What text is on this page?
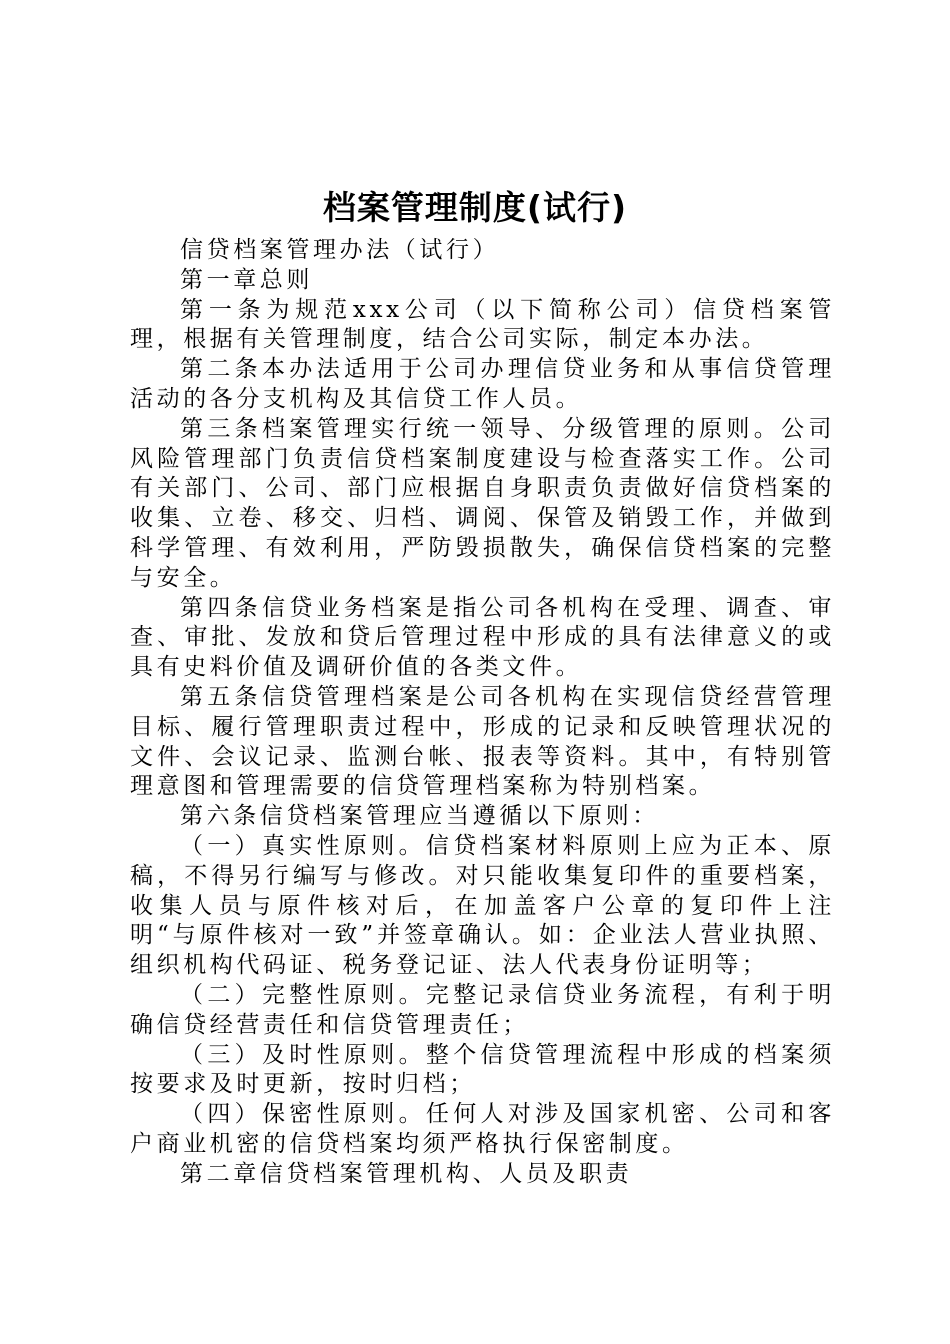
档案管理制度(试行)

信贷档案管理办法（试行）

第一章总则

第一条为规范xxx公司（以下简称公司）信贷档案管理，根据有关管理制度，结合公司实际，制定本办法。

第二条本办法适用于公司办理信贷业务和从事信贷管理活动的各分支机构及其信贷工作人员。

第三条档案管理实行统一领导、分级管理的原则。公司风险管理部门负责信贷档案制度建设与检查落实工作。公司有关部门、公司、部门应根据自身职责负责做好信贷档案的收集、立卷、移交、归档、调阅、保管及销毁工作，并做到科学管理、有效利用，严防毁损散失，确保信贷档案的完整与安全。

第四条信贷业务档案是指公司各机构在受理、调查、审查、审批、发放和贷后管理过程中形成的具有法律意义的或具有史料价值及调研价值的各类文件。

第五条信贷管理档案是公司各机构在实现信贷经营管理目标、履行管理职责过程中，形成的记录和反映管理状况的文件、会议记录、监测台帐、报表等资料。其中，有特别管理意图和管理需要的信贷管理档案称为特别档案。

第六条信贷档案管理应当遵循以下原则：

（一）真实性原则。信贷档案材料原则上应为正本、原稿，不得另行编写与修改。对只能收集复印件的重要档案，收集人员与原件核对后，在加盖客户公章的复印件上注明“与原件核对一致”并签章确认。如：企业法人营业执照、组织机构代码证、税务登记证、法人代表身份证明等；

（二）完整性原则。完整记录信贷业务流程，有利于明确信贷经营责任和信贷管理责任；

（三）及时性原则。整个信贷管理流程中形成的档案须按要求及时更新，按时归档；

（四）保密性原则。任何人对涉及国家机密、公司和客户商业机密的信贷档案均须严格执行保密制度。

第二章信贷档案管理机构、人员及职责
